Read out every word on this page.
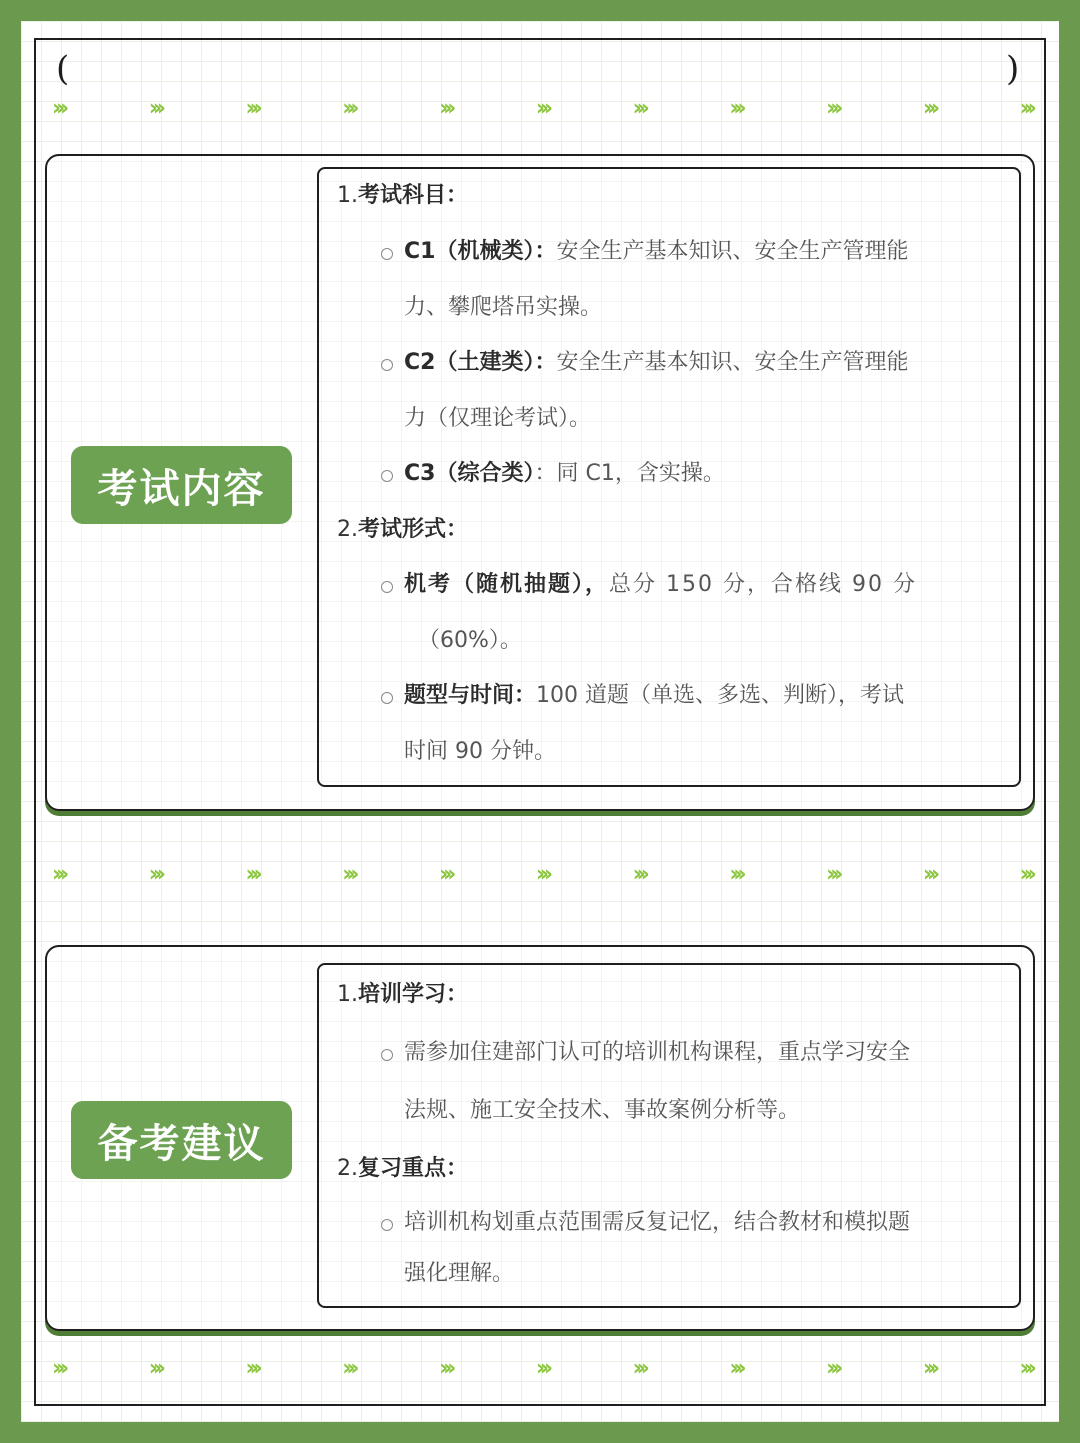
(	)
›››	›››	›››	›››	›››	›››	›››	›››	›››	›››	›››
›››	›››	›››	›››	›››	›››	›››	›››	›››	›››	›››
›››	›››	›››	›››	›››	›››	›››	›››	›››	›››	›››
考试内容
1.考试科目：
C1（机械类）：安全生产基本知识、安全生产管理能
力、攀爬塔吊实操。
C2（土建类）：安全生产基本知识、安全生产管理能
力（仅理论考试）。
C3（综合类）：同 C1，含实操。
2.考试形式：
机考（随机抽题），总分 150 分，合格线 90 分
（60%）。
题型与时间：100 道题（单选、多选、判断），考试
时间 90 分钟。
备考建议
1.培训学习：
需参加住建部门认可的培训机构课程，重点学习安全
法规、施工安全技术、事故案例分析等。
2.复习重点：
培训机构划重点范围需反复记忆，结合教材和模拟题
强化理解。
